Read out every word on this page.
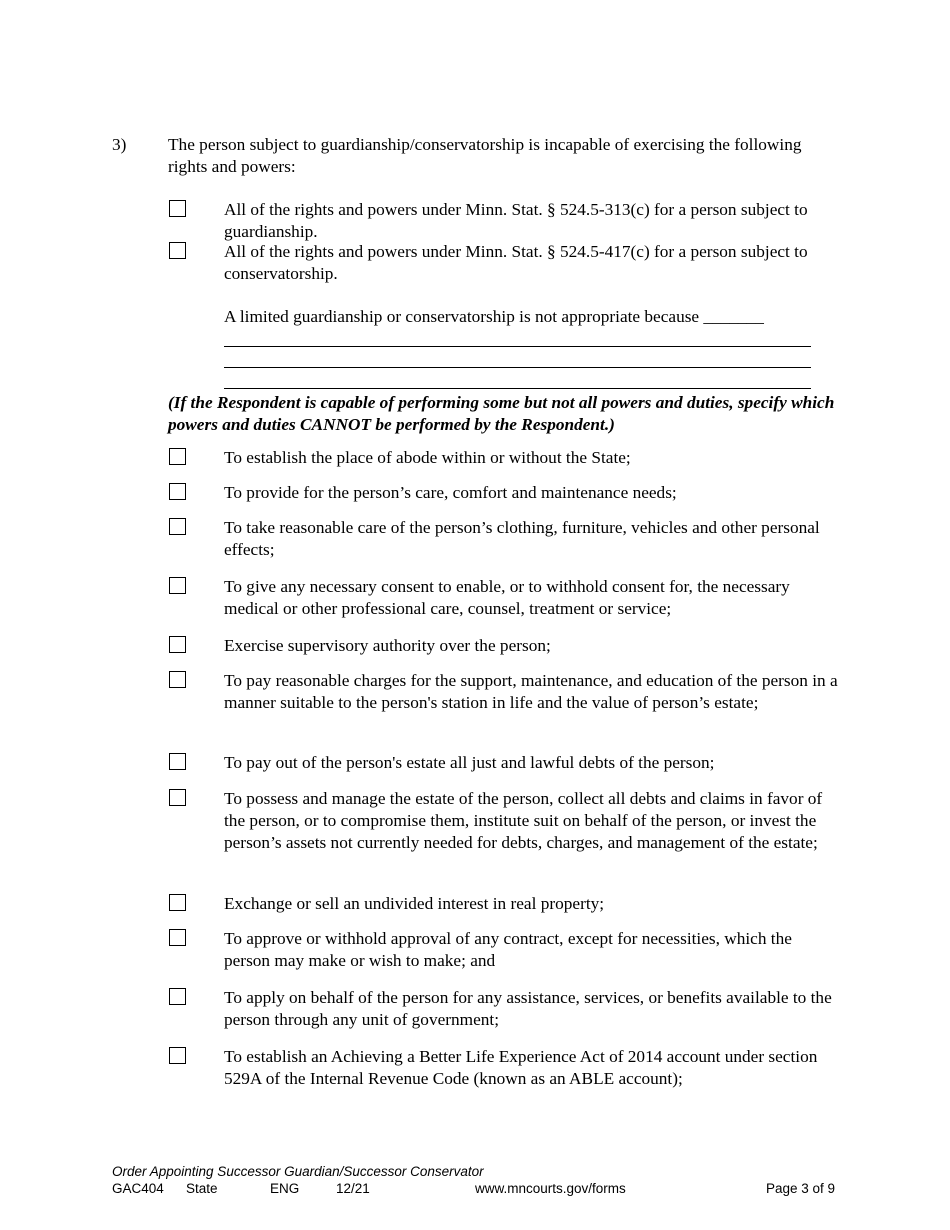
3) The person subject to guardianship/conservatorship is incapable of exercising the following rights and powers:
All of the rights and powers under Minn. Stat. § 524.5-313(c) for a person subject to guardianship.
All of the rights and powers under Minn. Stat. § 524.5-417(c) for a person subject to conservatorship.
A limited guardianship or conservatorship is not appropriate because _______
(If the Respondent is capable of performing some but not all powers and duties, specify which powers and duties CANNOT be performed by the Respondent.)
To establish the place of abode within or without the State;
To provide for the person’s care, comfort and maintenance needs;
To take reasonable care of the person’s clothing, furniture, vehicles and other personal effects;
To give any necessary consent to enable, or to withhold consent for, the necessary medical or other professional care, counsel, treatment or service;
Exercise supervisory authority over the person;
To pay reasonable charges for the support, maintenance, and education of the person in a manner suitable to the person's station in life and the value of person’s estate;
To pay out of the person's estate all just and lawful debts of the person;
To possess and manage the estate of the person, collect all debts and claims in favor of the person, or to compromise them, institute suit on behalf of the person, or invest the person’s assets not currently needed for debts, charges, and management of the estate;
Exchange or sell an undivided interest in real property;
To approve or withhold approval of any contract, except for necessities, which the person may make or wish to make; and
To apply on behalf of the person for any assistance, services, or benefits available to the person through any unit of government;
To establish an Achieving a Better Life Experience Act of 2014 account under section 529A of the Internal Revenue Code (known as an ABLE account);
Order Appointing Successor Guardian/Successor Conservator
GAC404 State	ENG	12/21	www.mncourts.gov/forms	Page 3 of 9
